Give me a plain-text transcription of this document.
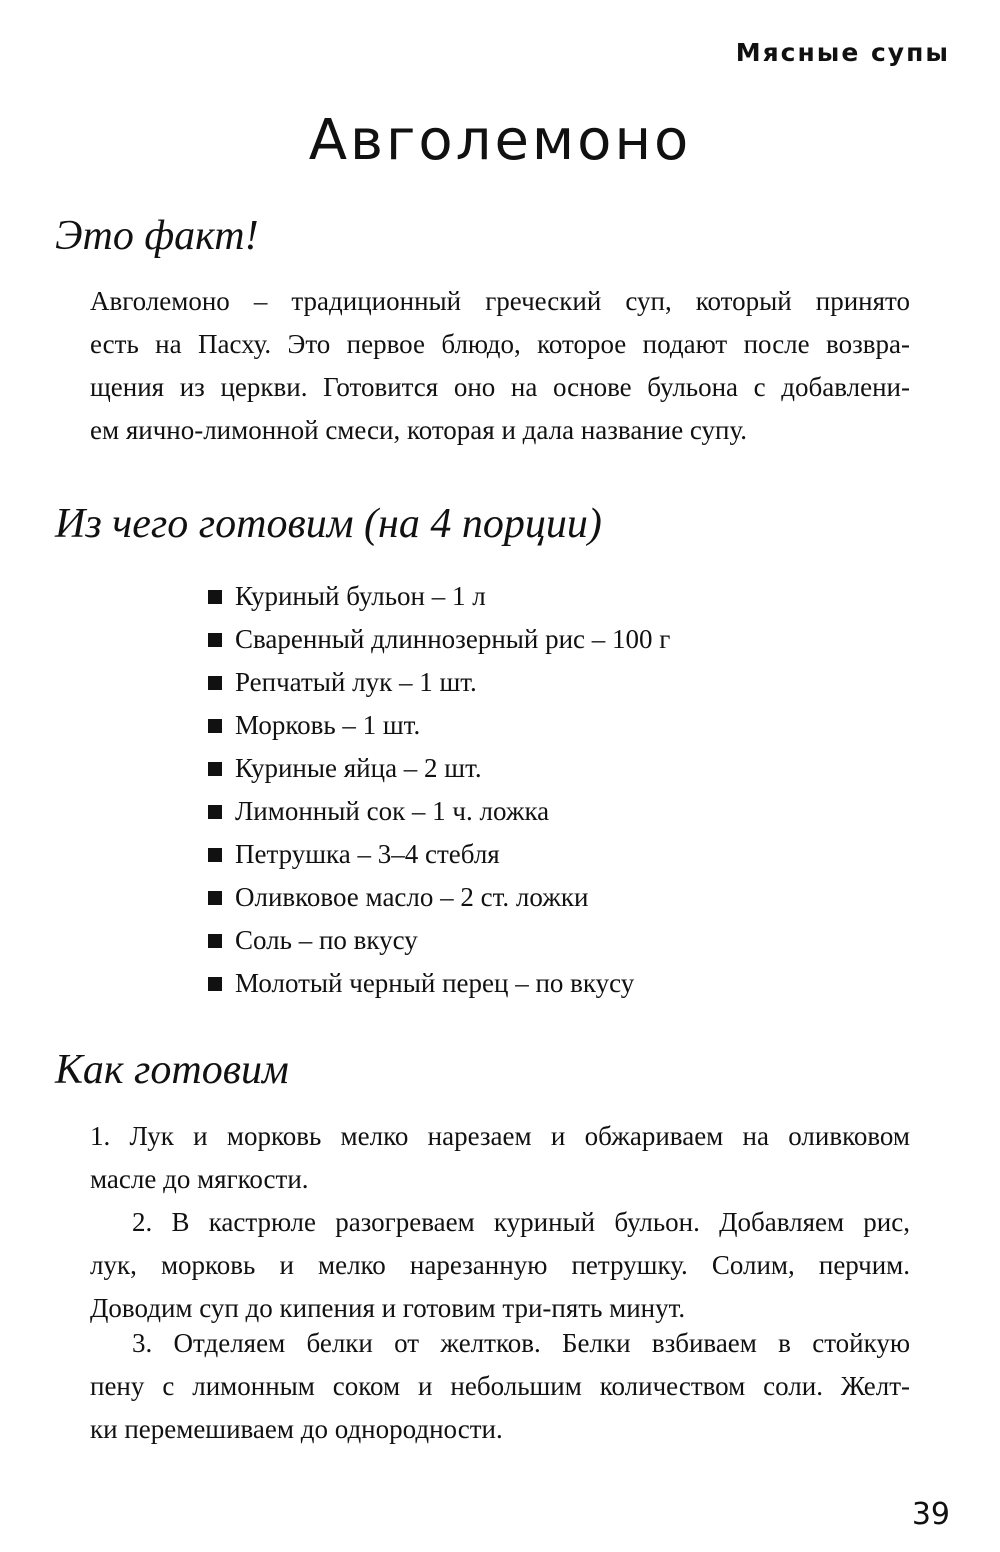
Мясные супы
Авголемоно
Это факт!

Авголемоно – традиционный греческий суп, который принято
есть на Пасху. Это первое блюдо, которое подают после возвра-
щения из церкви. Готовится оно на основе бульона с добавлени-
ем яично-лимонной смеси, которая и дала название супу.

Из чего готовим (на 4 порции)
Куриный бульон – 1 л
Сваренный длиннозерный рис – 100 г
Репчатый лук – 1 шт.
Морковь – 1 шт.
Куриные яйца – 2 шт.
Лимонный сок – 1 ч. ложка
Петрушка – 3–4 стебля
Оливковое масло – 2 ст. ложки
Соль – по вкусу
Молотый черный перец – по вкусу
Как готовим

1. Лук и морковь мелко нарезаем и обжариваем на оливковом
масле до мягкости.

2. В кастрюле разогреваем куриный бульон. Добавляем рис,
лук, морковь и мелко нарезанную петрушку. Солим, перчим.
Доводим суп до кипения и готовим три-пять минут.

3. Отделяем белки от желтков. Белки взбиваем в стойкую
пену с лимонным соком и небольшим количеством соли. Желт-
ки перемешиваем до однородности.

39
